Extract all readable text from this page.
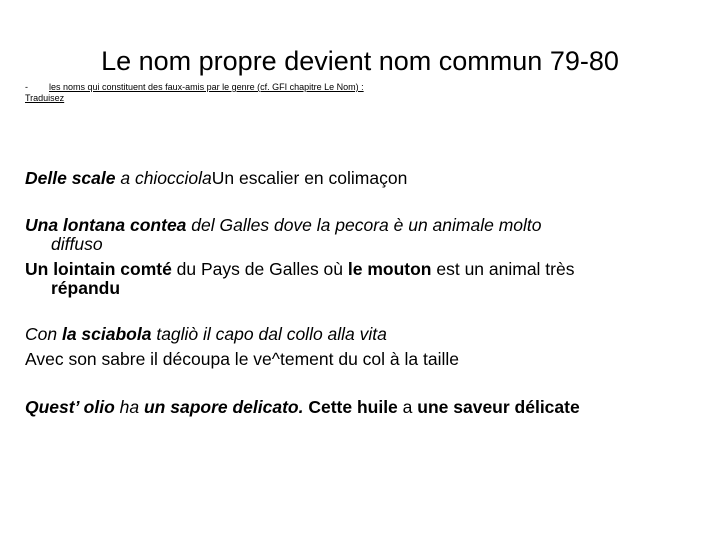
Le nom propre devient nom commun 79-80
- les noms qui constituent des faux-amis par le genre (cf. GFI chapitre Le Nom) :
Traduisez
Delle scale a chiocciolaUn escalier en colimaçon
Una lontana contea del Galles dove la pecora è un animale molto
diffuso
Un lointain comté du Pays de Galles où le mouton est un animal très
répandu
Con la sciabola tagliò il capo dal collo alla vita
Avec son sabre il découpa le ve^tement du col à la taille
Quest’ olio ha un sapore delicato. Cette huile a une saveur délicate
